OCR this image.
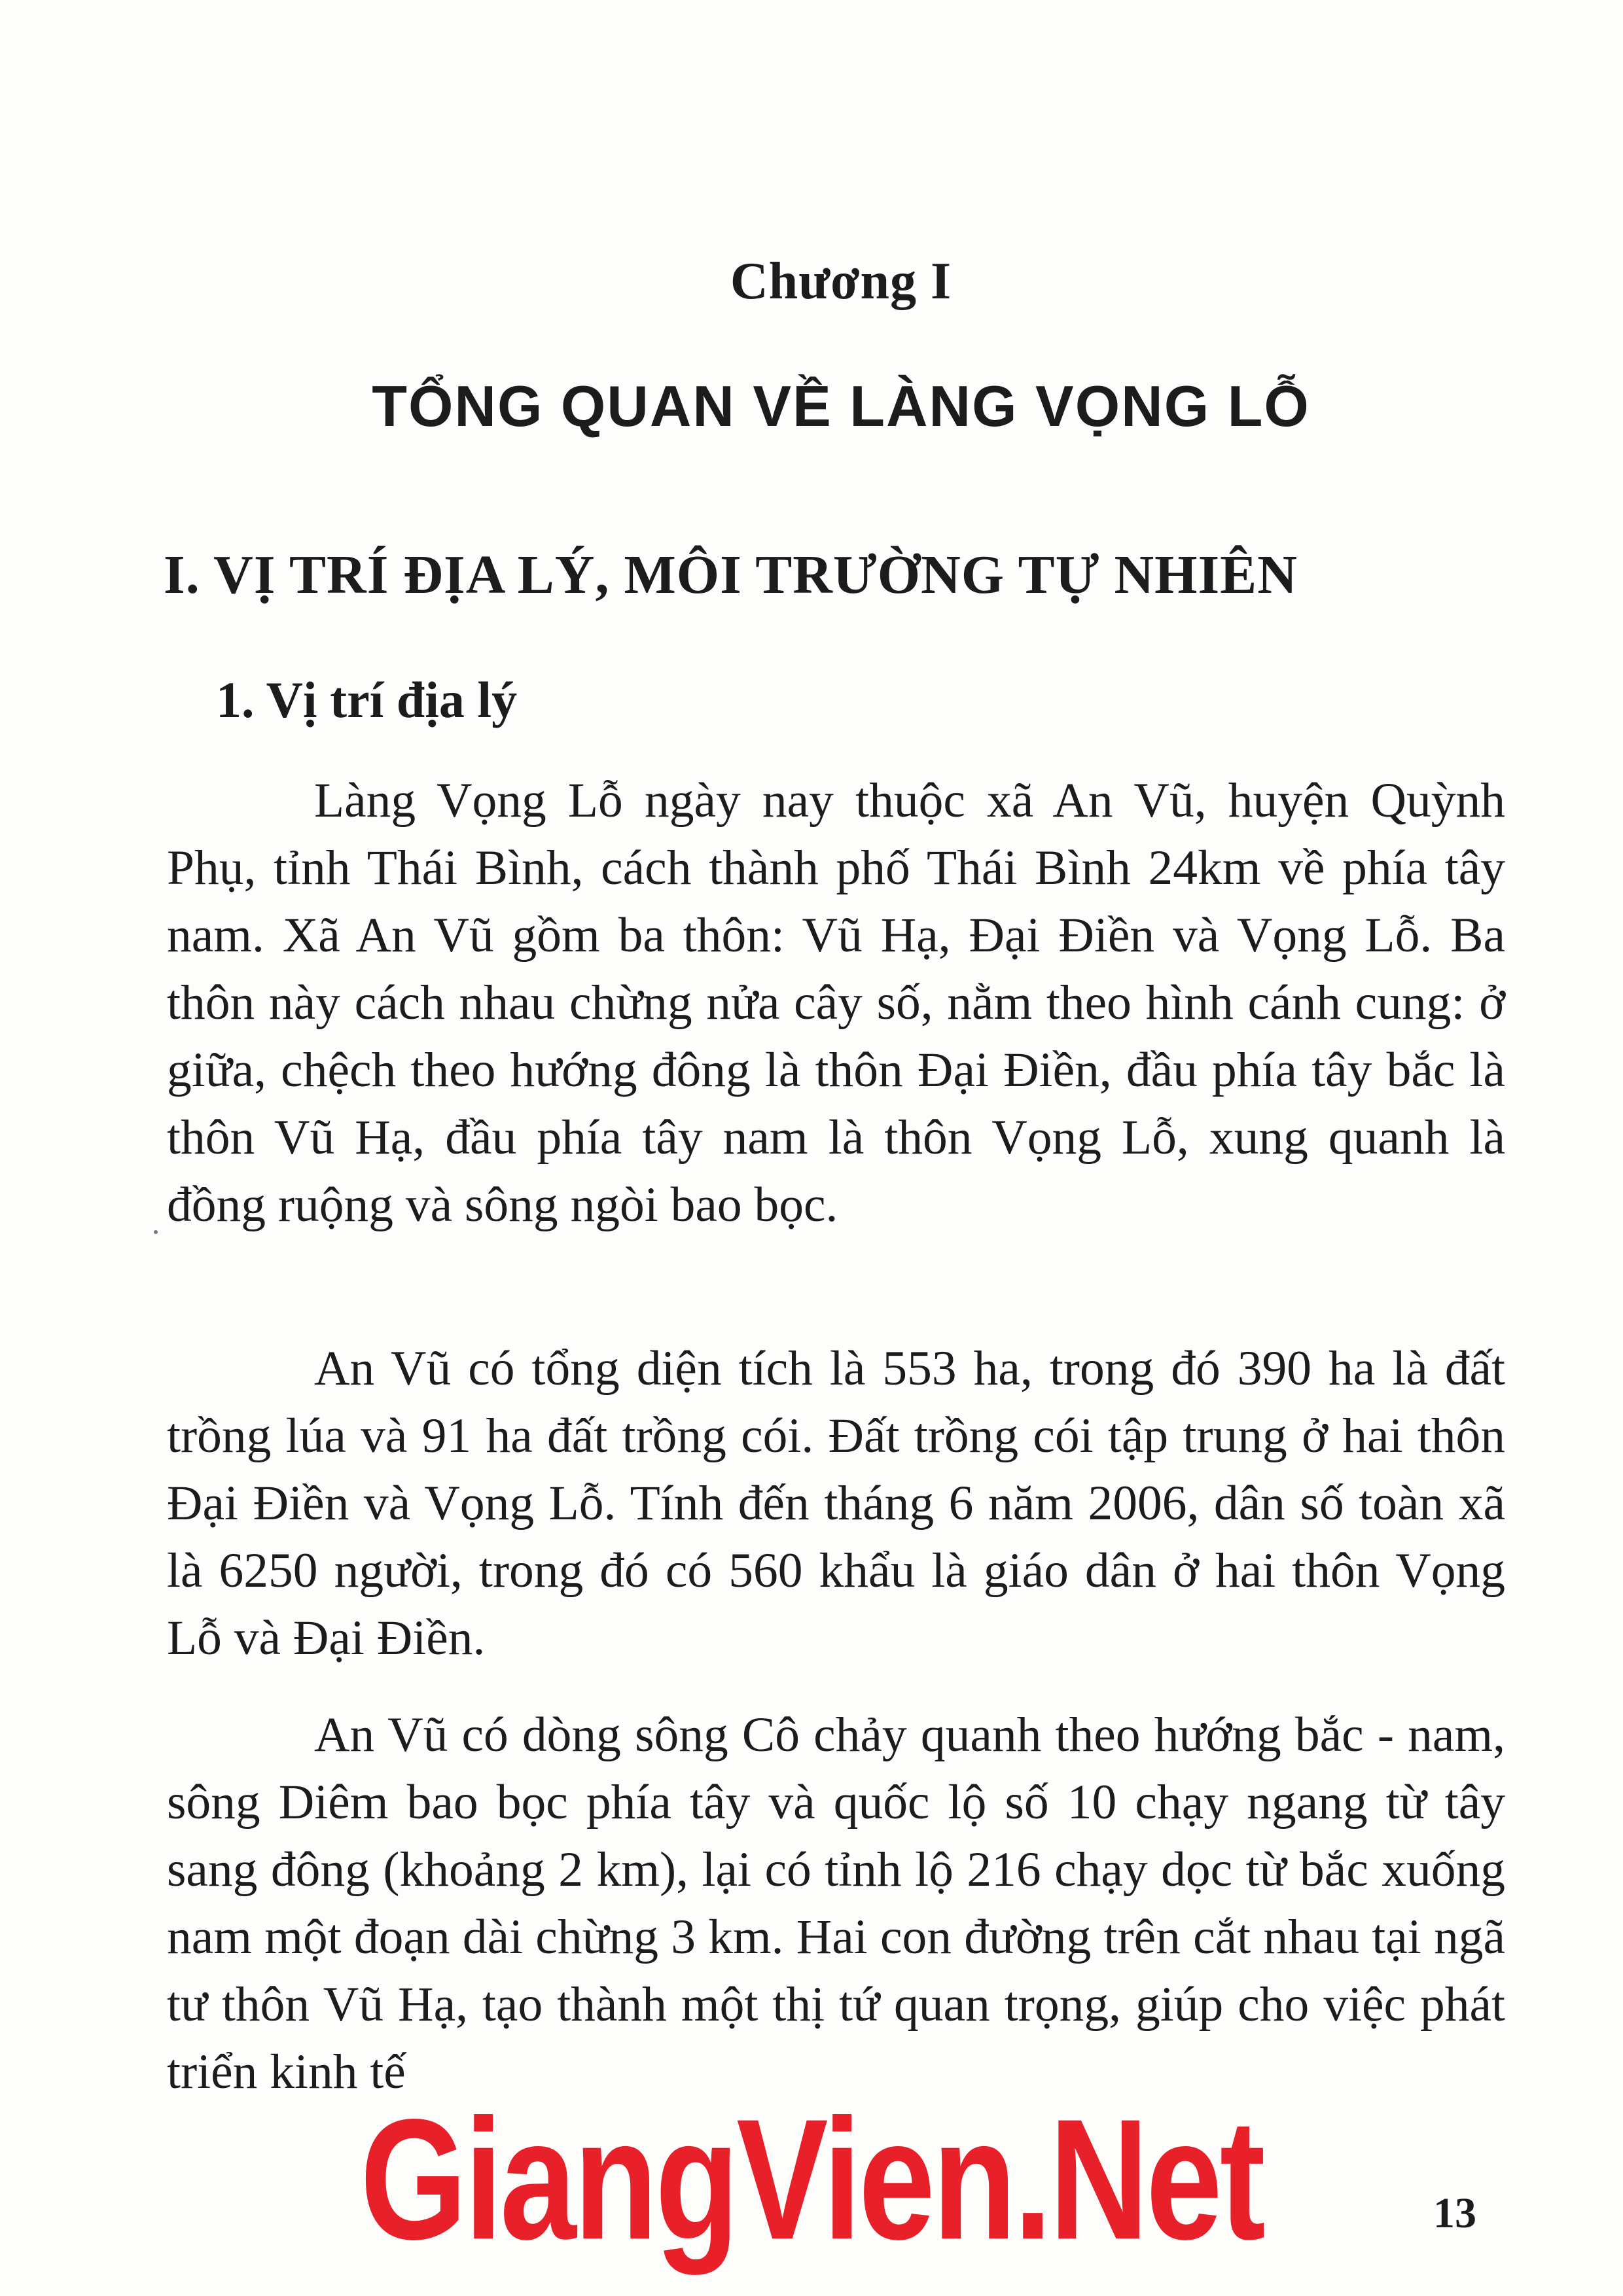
Chương I
TỔNG QUAN VỀ LÀNG VỌNG LỖ
I. VỊ TRÍ ĐỊA LÝ, MÔI TRƯỜNG TỰ NHIÊN
1. Vị trí địa lý

Làng Vọng Lỗ ngày nay thuộc xã An Vũ, huyện Quỳnh Phụ, tỉnh Thái Bình, cách thành phố Thái Bình 24km về phía tây nam. Xã An Vũ gồm ba thôn: Vũ Hạ, Đại Điền và Vọng Lỗ. Ba thôn này cách nhau chừng nửa cây số, nằm theo hình cánh cung: ở giữa, chệch theo hướng đông là thôn Đại Điền, đầu phía tây bắc là thôn Vũ Hạ, đầu phía tây nam là thôn Vọng Lỗ, xung quanh là đồng ruộng và sông ngòi bao bọc.

An Vũ có tổng diện tích là 553 ha, trong đó 390 ha là đất trồng lúa và 91 ha đất trồng cói. Đất trồng cói tập trung ở hai thôn Đại Điền và Vọng Lỗ. Tính đến tháng 6 năm 2006, dân số toàn xã là 6250 người, trong đó có 560 khẩu là giáo dân ở hai thôn Vọng Lỗ và Đại Điền.

An Vũ có dòng sông Cô chảy quanh theo hướng bắc - nam, sông Diêm bao bọc phía tây và quốc lộ số 10 chạy ngang từ tây sang đông (khoảng 2 km), lại có tỉnh lộ 216 chạy dọc từ bắc xuống nam một đoạn dài chừng 3 km. Hai con đường trên cắt nhau tại ngã tư thôn Vũ Hạ, tạo thành một thị tứ quan trọng, giúp cho việc phát triển kinh tế

GiangVien.Net	13
